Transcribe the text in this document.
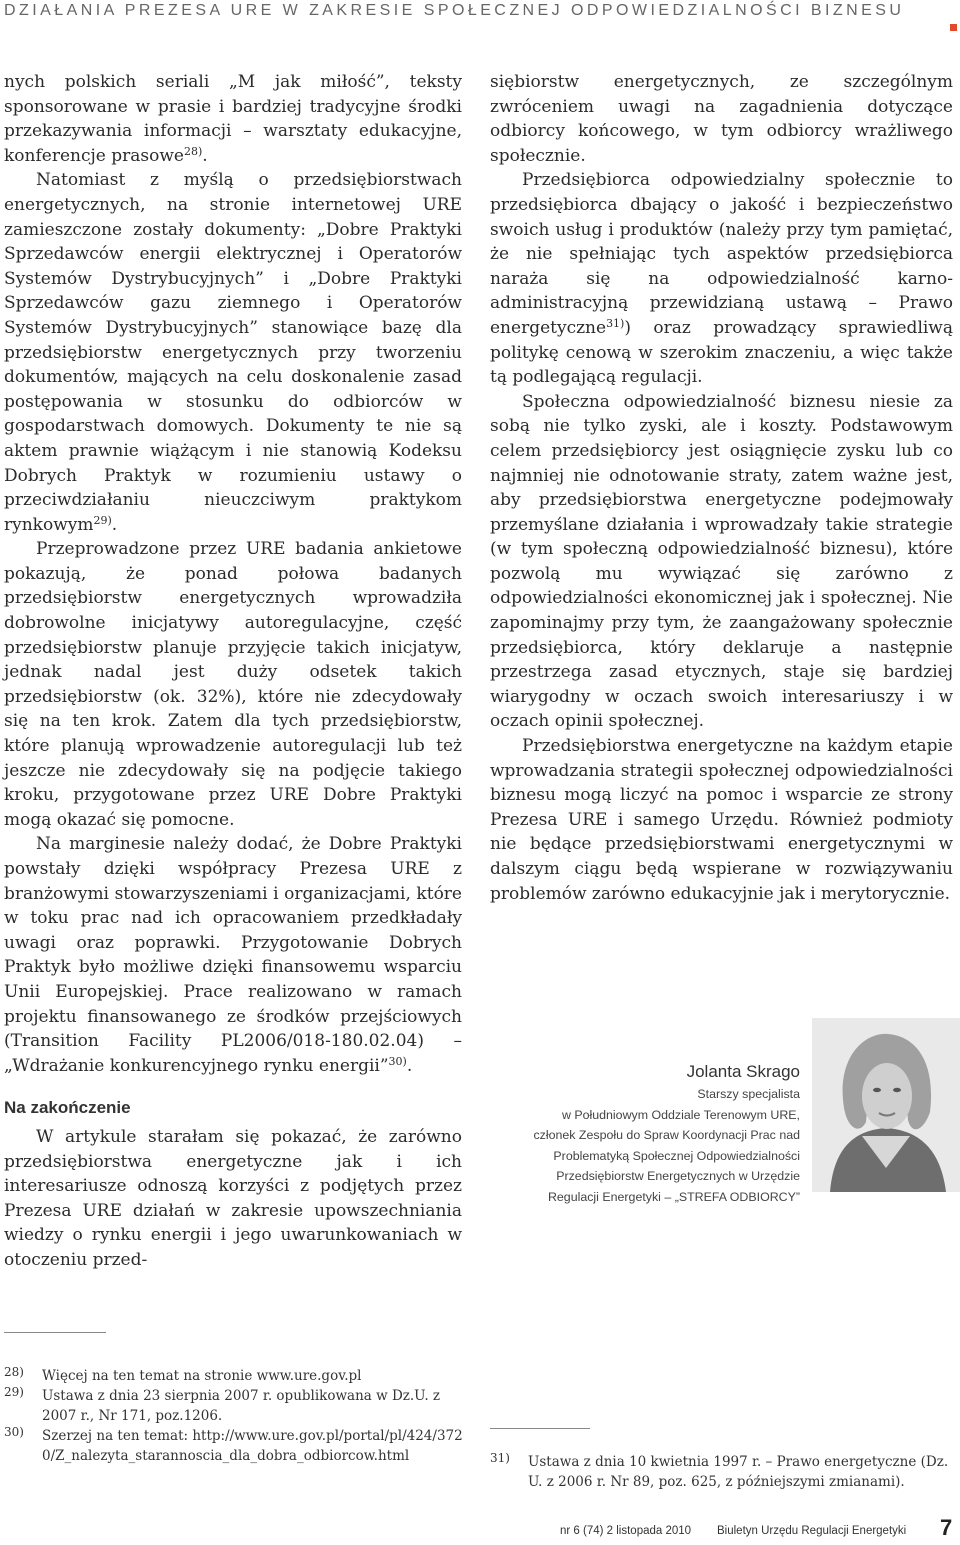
DZIAŁANIA PREZESA URE W ZAKRESIE SPOŁECZNEJ ODPOWIEDZIALNOŚCI BIZNESU

nych polskich seriali „M jak miłość”, teksty sponsorowane w prasie i bardziej tradycyjne środki przekazywania informacji – warsztaty edukacyjne, konferencje prasowe$^{28)}$.

Natomiast z myślą o przedsiębiorstwach energetycznych, na stronie internetowej URE zamieszczone zostały dokumenty: „Dobre Praktyki Sprzedawców energii elektrycznej i Operatorów Systemów Dystrybucyjnych” i „Dobre Praktyki Sprzedawców gazu ziemnego i Operatorów Systemów Dystrybucyjnych” stanowiące bazę dla przedsiębiorstw energetycznych przy tworzeniu dokumentów, mających na celu doskonalenie zasad postępowania w stosunku do odbiorców w gospodarstwach domowych. Dokumenty te nie są aktem prawnie wiążącym i nie stanowią Kodeksu Dobrych Praktyk w rozumieniu ustawy o przeciwdziałaniu nieuczciwym praktykom rynkowym$^{29)}$.

Przeprowadzone przez URE badania ankietowe pokazują, że ponad połowa badanych przedsiębiorstw energetycznych wprowadziła dobrowolne inicjatywy autoregulacyjne, część przedsiębiorstw planuje przyjęcie takich inicjatyw, jednak nadal jest duży odsetek takich przedsiębiorstw (ok. 32%), które nie zdecydowały się na ten krok. Zatem dla tych przedsiębiorstw, które planują wprowadzenie autoregulacji lub też jeszcze nie zdecydowały się na podjęcie takiego kroku, przygotowane przez URE Dobre Praktyki mogą okazać się pomocne.

Na marginesie należy dodać, że Dobre Praktyki powstały dzięki współpracy Prezesa URE z branżowymi stowarzyszeniami i organizacjami, które w toku prac nad ich opracowaniem przedkładały uwagi oraz poprawki. Przygotowanie Dobrych Praktyk było możliwe dzięki finansowemu wsparciu Unii Europejskiej. Prace realizowano w ramach projektu finansowanego ze środków przejściowych (Transition Facility PL2006/018-180.02.04) – „Wdrażanie konkurencyjnego rynku energii”$^{30)}$.

Na zakończenie

W artykule starałam się pokazać, że zarówno przedsiębiorstwa energetyczne jak i ich interesariusze odnoszą korzyści z podjętych przez Prezesa URE działań w zakresie upowszechniania wiedzy o rynku energii i jego uwarunkowaniach w otoczeniu przed-

siębiorstw energetycznych, ze szczególnym zwróceniem uwagi na zagadnienia dotyczące odbiorcy końcowego, w tym odbiorcy wrażliwego społecznie.

Przedsiębiorca odpowiedzialny społecznie to przedsiębiorca dbający o jakość i bezpieczeństwo swoich usług i produktów (należy przy tym pamiętać, że nie spełniając tych aspektów przedsiębiorca naraża się na odpowiedzialność karno-administracyjną przewidzianą ustawą – Prawo energetyczne$^{31)}$) oraz prowadzący sprawiedliwą politykę cenową w szerokim znaczeniu, a więc także tą podlegającą regulacji.

Społeczna odpowiedzialność biznesu niesie za sobą nie tylko zyski, ale i koszty. Podstawowym celem przedsiębiorcy jest osiągnięcie zysku lub co najmniej nie odnotowanie straty, zatem ważne jest, aby przedsiębiorstwa energetyczne podejmowały przemyślane działania i wprowadzały takie strategie (w tym społeczną odpowiedzialność biznesu), które pozwolą mu wywiązać się zarówno z odpowiedzialności ekonomicznej jak i społecznej. Nie zapominajmy przy tym, że zaangażowany społecznie przedsiębiorca, który deklaruje a następnie przestrzega zasad etycznych, staje się bardziej wiarygodny w oczach swoich interesariuszy i w oczach opinii społecznej.

Przedsiębiorstwa energetyczne na każdym etapie wprowadzania strategii społecznej odpowiedzialności biznesu mogą liczyć na pomoc i wsparcie ze strony Prezesa URE i samego Urzędu. Również podmioty nie będące przedsiębiorstwami energetycznymi w dalszym ciągu będą wspierane w rozwiązywaniu problemów zarówno edukacyjnie jak i merytorycznie.

Jolanta Skrago
Starszy specjalista
w Południowym Oddziale Terenowym URE,
członek Zespołu do Spraw Koordynacji Prac nad
Problematyką Społecznej Odpowiedzialności
Przedsiębiorstw Energetycznych w Urzędzie
Regulacji Energetyki – „STREFA ODBIORCY”
28) Więcej na ten temat na stronie www.ure.gov.pl
29) Ustawa z dnia 23 sierpnia 2007 r. opublikowana w Dz.U. z 2007 r., Nr 171, poz.1206.
30) Szerzej na ten temat: http://www.ure.gov.pl/portal/pl/424/3720/Z_nalezyta_starannoscia_dla_dobra_odbiorcow.html	31) Ustawa z dnia 10 kwietnia 1997 r. – Prawo energetyczne (Dz. U. z 2006 r. Nr 89, poz. 625, z późniejszymi zmianami).
nr 6 (74) 2 listopada 2010 Biuletyn Urzędu Regulacji Energetyki 7
